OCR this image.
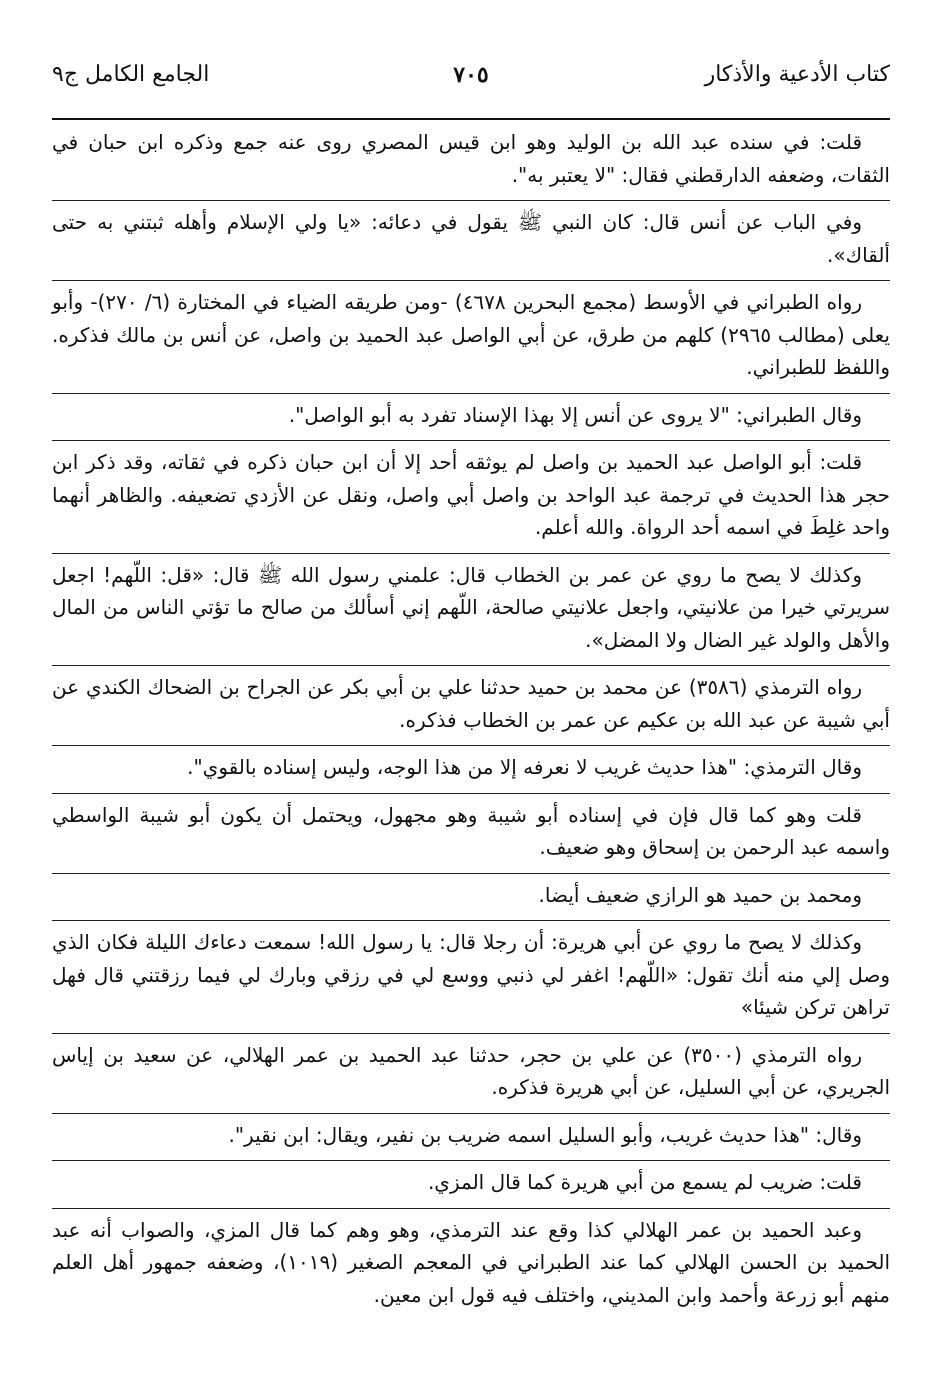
كتاب الأدعية والأذكار
٧٠٥
الجامع الكامل ج٩

قلت: في سنده عبد الله بن الوليد وهو ابن قيس المصري روى عنه جمع وذكره ابن حبان في الثقات، وضعفه الدارقطني فقال: "لا يعتبر به".

وفي الباب عن أنس قال: كان النبي ﷺ يقول في دعائه: «يا ولي الإسلام وأهله ثبتني به حتى ألقاك».

رواه الطبراني في الأوسط (مجمع البحرين ٤٦٧٨) -ومن طريقه الضياء في المختارة (٦/ ٢٧٠)- وأبو يعلى (مطالب ٢٩٦٥) كلهم من طرق، عن أبي الواصل عبد الحميد بن واصل، عن أنس بن مالك فذكره. واللفظ للطبراني.

وقال الطبراني: "لا يروى عن أنس إلا بهذا الإسناد تفرد به أبو الواصل".

قلت: أبو الواصل عبد الحميد بن واصل لم يوثقه أحد إلا أن ابن حبان ذكره في ثقاته، وقد ذكر ابن حجر هذا الحديث في ترجمة عبد الواحد بن واصل أبي واصل، ونقل عن الأزدي تضعيفه. والظاهر أنهما واحد غلِطَ في اسمه أحد الرواة. والله أعلم.

وكذلك لا يصح ما روي عن عمر بن الخطاب قال: علمني رسول الله ﷺ قال: «قل: اللّهم! اجعل سريرتي خيرا من علانيتي، واجعل علانيتي صالحة، اللّهم إني أسألك من صالح ما تؤتي الناس من المال والأهل والولد غير الضال ولا المضل».

رواه الترمذي (٣٥٨٦) عن محمد بن حميد حدثنا علي بن أبي بكر عن الجراح بن الضحاك الكندي عن أبي شيبة عن عبد الله بن عكيم عن عمر بن الخطاب فذكره.

وقال الترمذي: "هذا حديث غريب لا نعرفه إلا من هذا الوجه، وليس إسناده بالقوي".

قلت وهو كما قال فإن في إسناده أبو شيبة وهو مجهول، ويحتمل أن يكون أبو شيبة الواسطي واسمه عبد الرحمن بن إسحاق وهو ضعيف.

ومحمد بن حميد هو الرازي ضعيف أيضا.

وكذلك لا يصح ما روي عن أبي هريرة: أن رجلا قال: يا رسول الله! سمعت دعاءك الليلة فكان الذي وصل إلي منه أنك تقول: «اللّهم! اغفر لي ذنبي ووسع لي في رزقي وبارك لي فيما رزقتني قال فهل تراهن تركن شيئا»

رواه الترمذي (٣٥٠٠) عن علي بن حجر، حدثنا عبد الحميد بن عمر الهلالي، عن سعيد بن إياس الجريري، عن أبي السليل، عن أبي هريرة فذكره.

وقال: "هذا حديث غريب، وأبو السليل اسمه ضريب بن نفير، ويقال: ابن نقير".

قلت: ضريب لم يسمع من أبي هريرة كما قال المزي.

وعبد الحميد بن عمر الهلالي كذا وقع عند الترمذي، وهو وهم كما قال المزي، والصواب أنه عبد الحميد بن الحسن الهلالي كما عند الطبراني في المعجم الصغير (١٠١٩)، وضعفه جمهور أهل العلم منهم أبو زرعة وأحمد وابن المديني، واختلف فيه قول ابن معين.
